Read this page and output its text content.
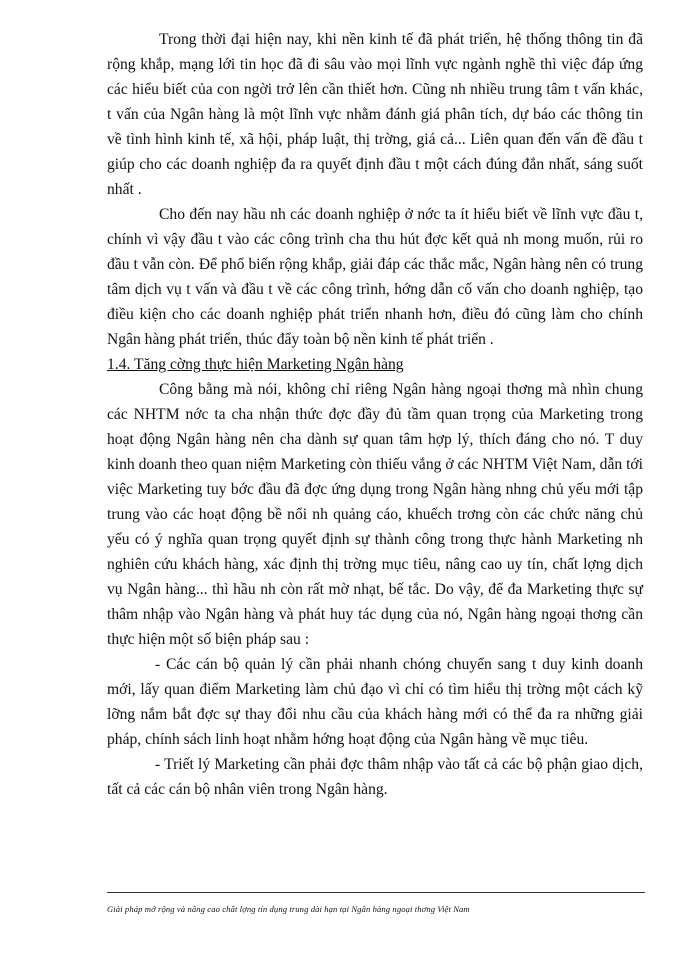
Trong thời đại hiện nay, khi nền kinh tế đã phát triển, hệ thống thông tin đã rộng khắp, mạng lới tin học đã đi sâu vào mọi lĩnh vực ngành nghề thì việc đáp ứng các hiểu biết của con ngời trở lên cần thiết hơn. Cũng nh nhiều trung tâm t vấn khác, t vấn của Ngân hàng là một lĩnh vực nhằm đánh giá phân tích, dự báo các thông tin về tình hình kinh tế, xã hội, pháp luật, thị trờng, giá cả... Liên quan đến vấn đề đầu t giúp cho các doanh nghiệp đa ra quyết định đầu t một cách đúng đắn nhất, sáng suốt nhất .

Cho đến nay hầu nh các doanh nghiệp ở nớc ta ít hiểu biết về lĩnh vực đầu t, chính vì vậy đầu t vào các công trình cha thu hút đợc kết quả nh mong muốn, rủi ro đầu t vẫn còn. Để phổ biến rộng khắp, giải đáp các thắc mắc, Ngân hàng nên có trung tâm dịch vụ t vấn và đầu t về các công trình, hớng dẫn cố vấn cho doanh nghiệp, tạo điều kiện cho các doanh nghiệp phát triển nhanh hơn, điều đó cũng làm cho chính Ngân hàng phát triển, thúc đẩy toàn bộ nền kinh tế phát triển .

1.4. Tăng cờng thực hiện Marketing Ngân hàng

Công bằng mà nói, không chỉ riêng Ngân hàng ngoại thơng mà nhìn chung các NHTM nớc ta cha nhận thức đợc đầy đủ tầm quan trọng của Marketing trong hoạt động Ngân hàng nên cha dành sự quan tâm hợp lý, thích đáng cho nó. T duy kinh doanh theo quan niệm Marketing còn thiếu vắng ở các NHTM Việt Nam, dẫn tới việc Marketing tuy bớc đầu đã đợc ứng dụng trong Ngân hàng nhng chủ yếu mới tập trung vào các hoạt động bề nổi nh quảng cáo, khuếch trơng còn các chức năng chủ yếu có ý nghĩa quan trọng quyết định sự thành công trong thực hành Marketing nh nghiên cứu khách hàng, xác định thị trờng mục tiêu, nâng cao uy tín, chất lợng dịch vụ Ngân hàng... thì hầu nh còn rất mờ nhạt, bế tắc. Do vậy, để đa Marketing thực sự thâm nhập vào Ngân hàng và phát huy tác dụng của nó, Ngân hàng ngoại thơng cần thực hiện một số biện pháp sau :

- Các cán bộ quản lý cần phải nhanh chóng chuyển sang t duy kinh doanh mới, lấy quan điểm Marketing làm chủ đạo vì chỉ có tìm hiểu thị trờng một cách kỹ lỡng nắm bắt đợc sự thay đổi nhu cầu của khách hàng mới có thể đa ra những giải pháp, chính sách linh hoạt nhằm hớng hoạt động của Ngân hàng về mục tiêu.

- Triết lý Marketing cần phải đợc thâm nhập vào tất cả các bộ phận giao dịch, tất cả các cán bộ nhân viên trong Ngân hàng.

Giải pháp mở rộng và nâng cao chất lợng tín dụng trung dài hạn tại Ngân hàng ngoại thơng Việt Nam
